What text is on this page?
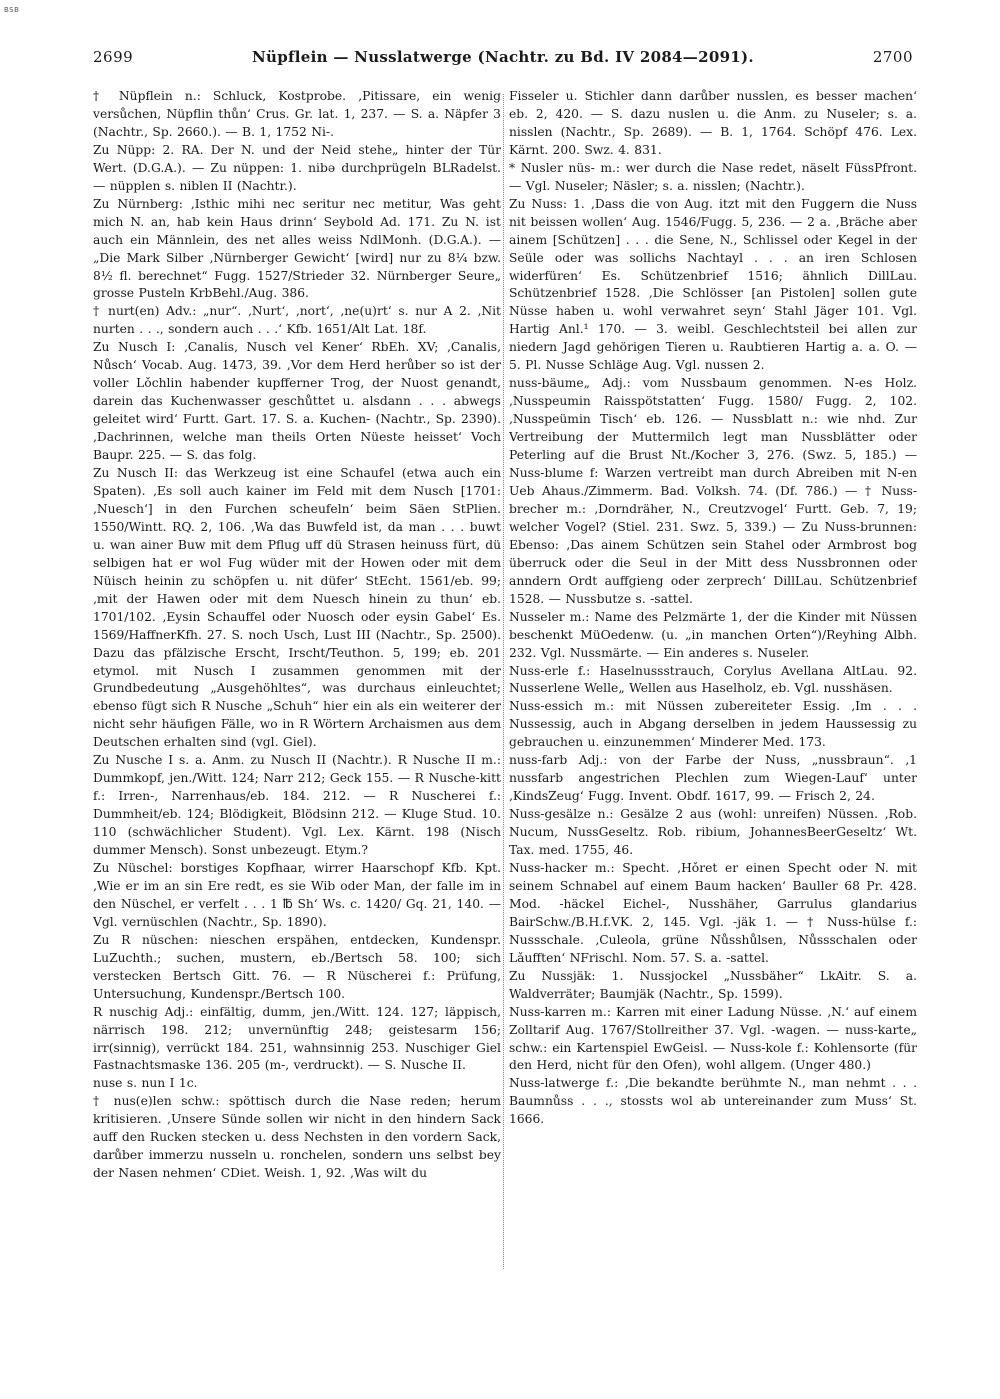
BSB
2699	Nüpflein — Nusslatwerge (Nachtr. zu Bd. IV 2084—2091).	2700

† Nüpflein n.: Schluck, Kostprobe. ‚Pitissare, ein wenig versůchen, Nüpflin thůn‘ Crus. Gr. lat. 1, 237. — S. a. Näpfer 3 (Nachtr., Sp. 2660.). — B. 1, 1752 Ni-.

Zu Nüpp: 2. RA. Der N. und der Neid stehe„ hinter der Tür Wert. (D.G.A.). — Zu nüppen: 1. nibə durchprügeln BLRadelst. — nüpplen s. niblen II (Nachtr.).

Zu Nürnberg: ‚Isthic mihi nec seritur nec metitur, Was geht mich N. an, hab kein Haus drinn‘ Seybold Ad. 171. Zu N. ist auch ein Männlein, des net alles weiss NdlMonh. (D.G.A.). — „Die Mark Silber ‚Nürnberger Gewicht‘ [wird] nur zu 8¼ bzw. 8½ fl. berechnet“ Fugg. 1527/Strieder 32. Nürnberger Seure„ grosse Pusteln KrbBehl./Aug. 386.

† nurt(en) Adv.: „nur“. ‚Nurt‘, ‚nort‘, ‚ne(u)rt‘ s. nur A 2. ‚Nit nurten . . ., sondern auch . . .‘ Kfb. 1651/Alt Lat. 18f.

Zu Nusch I: ‚Canalis, Nusch vel Kener‘ RbEh. XV; ‚Canalis, Nůsch‘ Vocab. Aug. 1473, 39. ‚Vor dem Herd herůber so ist der voller Lǒchlin habender kupfferner Trog, der Nuost genandt, darein das Kuchenwasser geschůttet u. alsdann . . . abwegs geleitet wird‘ Furtt. Gart. 17. S. a. Kuchen- (Nachtr., Sp. 2390). ‚Dachrinnen, welche man theils Orten Nüeste heisset‘ Voch Baupr. 225. — S. das folg.

Zu Nusch II: das Werkzeug ist eine Schaufel (etwa auch ein Spaten). ‚Es soll auch kainer im Feld mit dem Nusch [1701: ‚Nuesch‘] in den Furchen scheufeln‘ beim Säen StPlien. 1550/Wintt. RQ. 2, 106. ‚Wa das Buwfeld ist, da man . . . buwt u. wan ainer Buw mit dem Pflug uff dü Strasen heinuss fürt, dü selbigen hat er wol Fug wüder mit der Howen oder mit dem Nüisch heinin zu schöpfen u. nit düfer‘ StEcht. 1561/eb. 99; ‚mit der Hawen oder mit dem Nuesch hinein zu thun‘ eb. 1701/102. ‚Eysin Schauffel oder Nuosch oder eysin Gabel‘ Es. 1569/HaffnerKfh. 27. S. noch Usch, Lust III (Nachtr., Sp. 2500). Dazu das pfälzische Erscht, Irscht/Teuthon. 5, 199; eb. 201 etymol. mit Nusch I zusammen genommen mit der Grundbedeutung „Ausgehöhltes“, was durchaus einleuchtet; ebenso fügt sich R Nusche „Schuh“ hier ein als ein weiterer der nicht sehr häufigen Fälle, wo in R Wörtern Archaismen aus dem Deutschen erhalten sind (vgl. Giel).

Zu Nusche I s. a. Anm. zu Nusch II (Nachtr.). R Nusche II m.: Dummkopf, jen./Witt. 124; Narr 212; Geck 155. — R Nusche-kitt f.: Irren-, Narrenhaus/eb. 184. 212. — R Nuscherei f.: Dummheit/eb. 124; Blödigkeit, Blödsinn 212. — Kluge Stud. 10. 110 (schwächlicher Student). Vgl. Lex. Kärnt. 198 (Nisch dummer Mensch). Sonst unbezeugt. Etym.?

Zu Nüschel: borstiges Kopfhaar, wirrer Haarschopf Kfb. Kpt. ‚Wie er im an sin Ere redt, es sie Wib oder Man, der falle im in den Nüschel, er verfelt . . . 1 ℔ Sh‘ Ws. c. 1420/ Gq. 21, 140. — Vgl. vernüschlen (Nachtr., Sp. 1890).

Zu R nüschen: nieschen erspähen, entdecken, Kundenspr. LuZuchth.; suchen, mustern, eb./Bertsch 58. 100; sich verstecken Bertsch Gitt. 76. — R Nüscherei f.: Prüfung, Untersuchung, Kundenspr./Bertsch 100.

R nuschig Adj.: einfältig, dumm, jen./Witt. 124. 127; läppisch, närrisch 198. 212; unvernünftig 248; geistesarm 156; irr(sinnig), verrückt 184. 251, wahnsinnig 253. Nuschiger Giel Fastnachtsmaske 136. 205 (m-, verdruckt). — S. Nusche II.

nuse s. nun I 1c.

† nus(e)len schw.: spöttisch durch die Nase reden; herum kritisieren. ‚Unsere Sünde sollen wir nicht in den hindern Sack auff den Rucken stecken u. dess Nechsten in den vordern Sack, darůber immerzu nusseln u. ronchelen, sondern uns selbst bey der Nasen nehmen‘ CDiet. Weish. 1, 92. ‚Was wilt du

Fisseler u. Stichler dann darůber nusslen, es besser machen‘ eb. 2, 420. — S. dazu nuslen u. die Anm. zu Nuseler; s. a. nisslen (Nachtr., Sp. 2689). — B. 1, 1764. Schöpf 476. Lex. Kärnt. 200. Swz. 4. 831.

* Nusler nüs- m.: wer durch die Nase redet, näselt FüssPfront. — Vgl. Nuseler; Näsler; s. a. nisslen; (Nachtr.).

Zu Nuss: 1. ‚Dass die von Aug. itzt mit den Fuggern die Nuss nit beissen wollen‘ Aug. 1546/Fugg. 5, 236. — 2 a. ‚Bräche aber ainem [Schützen] . . . die Sene, N., Schlissel oder Kegel in der Seüle oder was sollichs Nachtayl . . . an iren Schlosen widerfüren‘ Es. Schützenbrief 1516; ähnlich DillLau. Schützenbrief 1528. ‚Die Schlösser [an Pistolen] sollen gute Nüsse haben u. wohl verwahret seyn‘ Stahl Jäger 101. Vgl. Hartig Anl.¹ 170. — 3. weibl. Geschlechtsteil bei allen zur niedern Jagd gehörigen Tieren u. Raubtieren Hartig a. a. O. — 5. Pl. Nusse Schläge Aug. Vgl. nussen 2.

nuss-bäume„ Adj.: vom Nussbaum genommen. N-es Holz. ‚Nusspeumin Raisspötstatten‘ Fugg. 1580/ Fugg. 2, 102. ‚Nusspeümin Tisch‘ eb. 126. — Nussblatt n.: wie nhd. Zur Vertreibung der Muttermilch legt man Nussblätter oder Peterling auf die Brust Nt./Kocher 3, 276. (Swz. 5, 185.) — Nuss-blume f: Warzen vertreibt man durch Abreiben mit N-en Ueb Ahaus./Zimmerm. Bad. Volksh. 74. (Df. 786.) — † Nuss-brecher m.: ‚Dorndräher, N., Creutzvogel‘ Furtt. Geb. 7, 19; welcher Vogel? (Stiel. 231. Swz. 5, 339.) — Zu Nuss-brunnen: Ebenso: ‚Das ainem Schützen sein Stahel oder Armbrost bog überruck oder die Seul in der Mitt dess Nussbronnen oder anndern Ordt auffgieng oder zerprech‘ DillLau. Schützenbrief 1528. — Nussbutze s. -sattel.

Nusseler m.: Name des Pelzmärte 1, der die Kinder mit Nüssen beschenkt MüOedenw. (u. „in manchen Orten“)/Reyhing Albh. 232. Vgl. Nussmärte. — Ein anderes s. Nuseler.

Nuss-erle f.: Haselnussstrauch, Corylus Avellana AltLau. 92. Nusserlene Welle„ Wellen aus Haselholz, eb. Vgl. nusshäsen.

Nuss-essich m.: mit Nüssen zubereiteter Essig. ‚Im . . . Nussessig, auch in Abgang derselben in jedem Haussessig zu gebrauchen u. einzunemmen‘ Minderer Med. 173.

nuss-farb Adj.: von der Farbe der Nuss, „nussbraun“. ‚1 nussfarb angestrichen Plechlen zum Wiegen-Lauf‘ unter ‚KindsZeug‘ Fugg. Invent. Obdf. 1617, 99. — Frisch 2, 24.

Nuss-gesälze n.: Gesälze 2 aus (wohl: unreifen) Nüssen. ‚Rob. Nucum, NussGeseltz. Rob. ribium, JohannesBeerGeseltz‘ Wt. Tax. med. 1755, 46.

Nuss-hacker m.: Specht. ‚Hǒret er einen Specht oder N. mit seinem Schnabel auf einem Baum hacken‘ Bauller 68 Pr. 428. Mod. -häckel Eichel-, Nusshäher, Garrulus glandarius BairSchw./B.H.f.VK. 2, 145. Vgl. -jäk 1. — † Nuss-hülse f.: Nussschale. ‚Culeola, grüne Nůsshůlsen, Nůssschalen oder Lǎufften‘ NFrischl. Nom. 57. S. a. -sattel.

Zu Nussjäk: 1. Nussjockel „Nussbäher“ LkAitr. S. a. Waldverräter; Baumjäk (Nachtr., Sp. 1599).

Nuss-karren m.: Karren mit einer Ladung Nüsse. ‚N.‘ auf einem Zolltarif Aug. 1767/Stollreither 37. Vgl. -wagen. — nuss-karte„ schw.: ein Kartenspiel EwGeisl. — Nuss-kole f.: Kohlensorte (für den Herd, nicht für den Ofen), wohl allgem. (Unger 480.)

Nuss-latwerge f.: ‚Die bekandte berühmte N., man nehmt . . . Baumnůss . . ., stossts wol ab untereinander zum Muss‘ St. 1666.
